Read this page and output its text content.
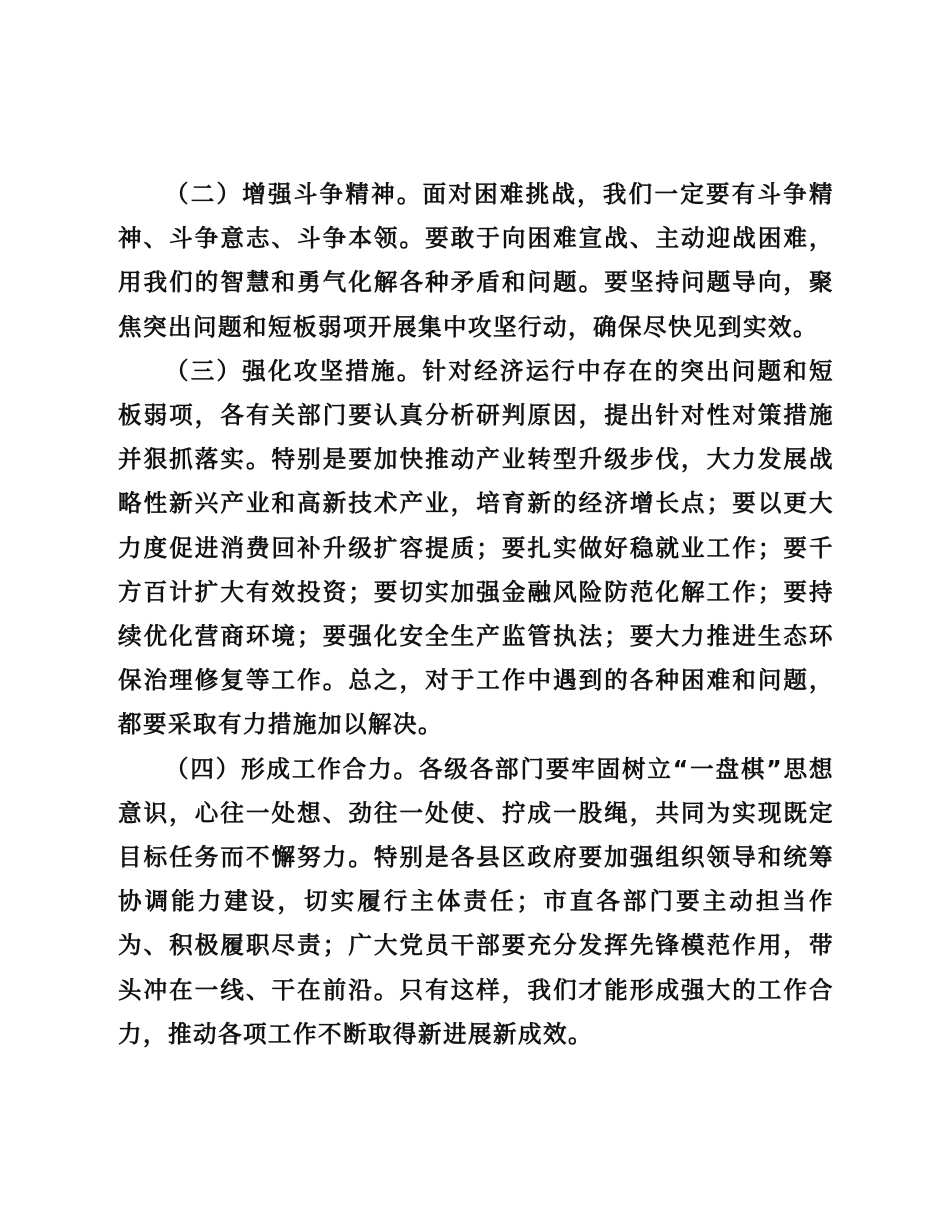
（二）增强斗争精神。面对困难挑战，我们一定要有斗争精神、斗争意志、斗争本领。要敢于向困难宣战、主动迎战困难，用我们的智慧和勇气化解各种矛盾和问题。要坚持问题导向，聚焦突出问题和短板弱项开展集中攻坚行动，确保尽快见到实效。

（三）强化攻坚措施。针对经济运行中存在的突出问题和短板弱项，各有关部门要认真分析研判原因，提出针对性对策措施并狠抓落实。特别是要加快推动产业转型升级步伐，大力发展战略性新兴产业和高新技术产业，培育新的经济增长点；要以更大力度促进消费回补升级扩容提质；要扎实做好稳就业工作；要千方百计扩大有效投资；要切实加强金融风险防范化解工作；要持续优化营商环境；要强化安全生产监管执法；要大力推进生态环保治理修复等工作。总之，对于工作中遇到的各种困难和问题，都要采取有力措施加以解决。

（四）形成工作合力。各级各部门要牢固树立“一盘棋”思想意识，心往一处想、劲往一处使、拧成一股绳，共同为实现既定目标任务而不懈努力。特别是各县区政府要加强组织领导和统筹协调能力建设，切实履行主体责任；市直各部门要主动担当作为、积极履职尽责；广大党员干部要充分发挥先锋模范作用，带头冲在一线、干在前沿。只有这样，我们才能形成强大的工作合力，推动各项工作不断取得新进展新成效。
